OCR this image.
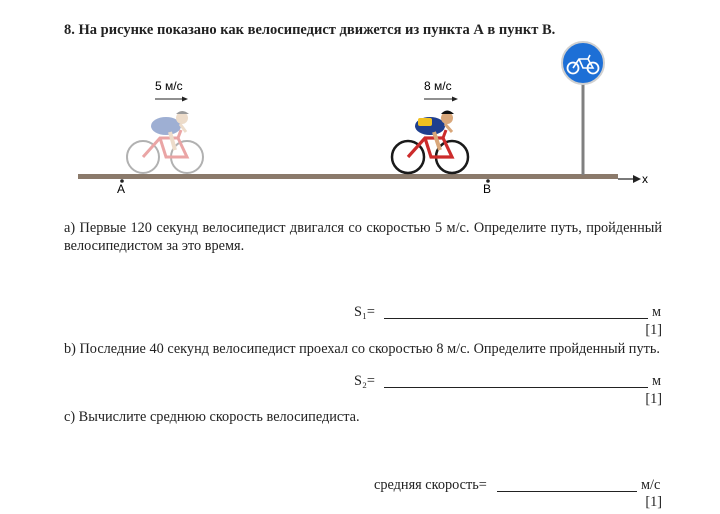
8. На рисунке показано как велосипедист движется из пункта А в пункт В.
x
А	В
5 м/с	8 м/с
а) Первые 120 секунд велосипедист двигался со скоростью 5 м/с. Определите путь, пройденный велосипедистом за это время.
S₁=	м
[1]
b) Последние 40 секунд велосипедист проехал со скоростью 8 м/с. Определите пройденный путь.
S₂=	м
[1]
с) Вычислите среднюю скорость велосипедиста.
средняя скорость=	м/с
[1]
